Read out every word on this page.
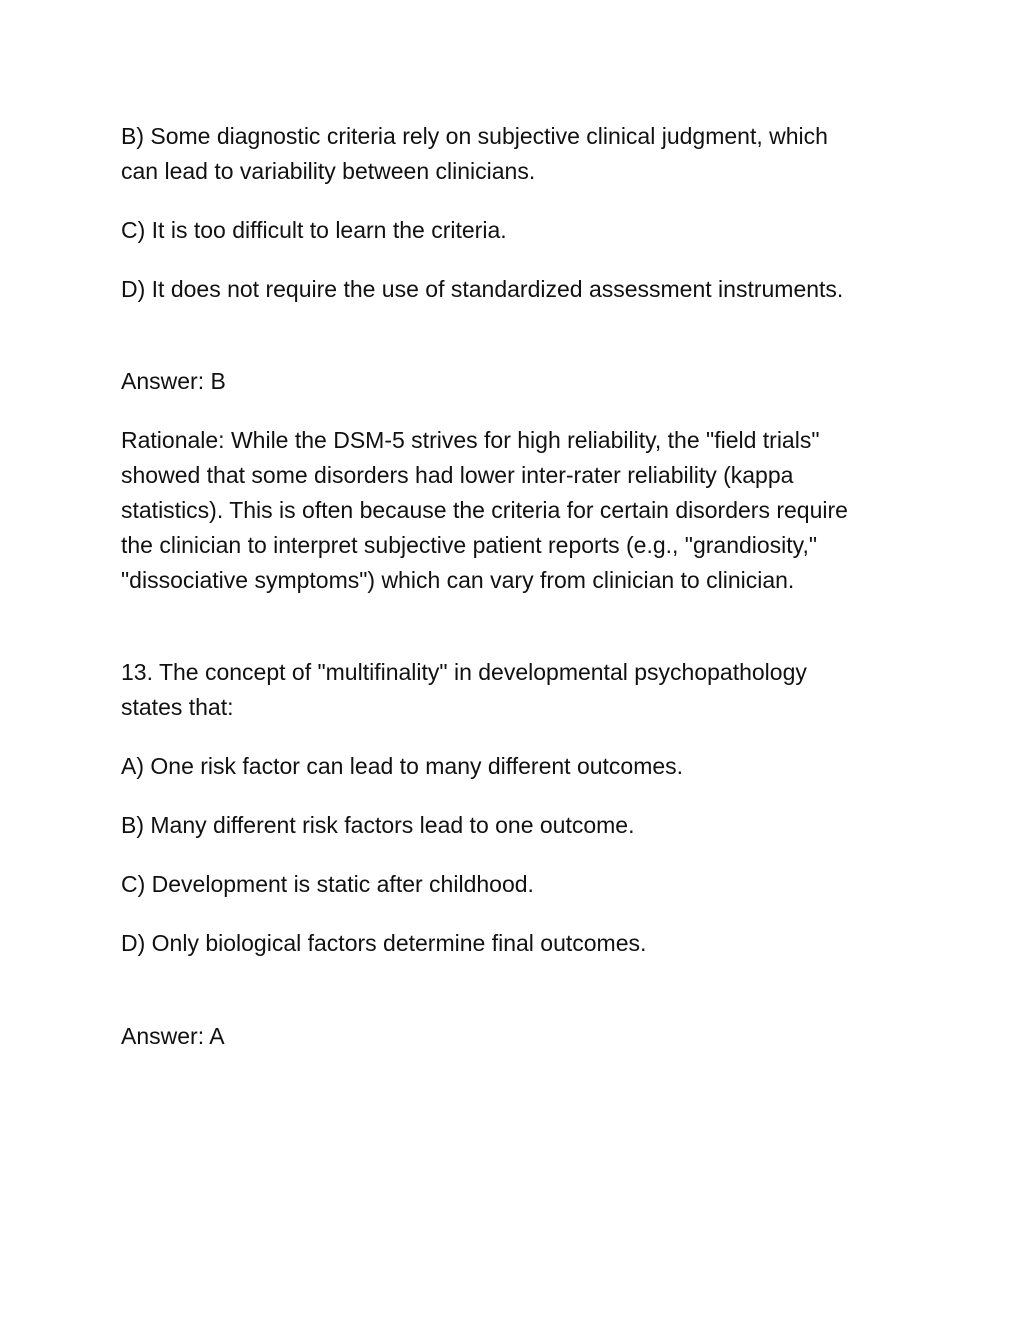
B) Some diagnostic criteria rely on subjective clinical judgment, which
can lead to variability between clinicians.

C) It is too difficult to learn the criteria.

D) It does not require the use of standardized assessment instruments.

Answer: B

Rationale: While the DSM-5 strives for high reliability, the "field trials"
showed that some disorders had lower inter-rater reliability (kappa
statistics). This is often because the criteria for certain disorders require
the clinician to interpret subjective patient reports (e.g., "grandiosity,"
"dissociative symptoms") which can vary from clinician to clinician.

13. The concept of "multifinality" in developmental psychopathology
states that:

A) One risk factor can lead to many different outcomes.

B) Many different risk factors lead to one outcome.

C) Development is static after childhood.

D) Only biological factors determine final outcomes.

Answer: A
